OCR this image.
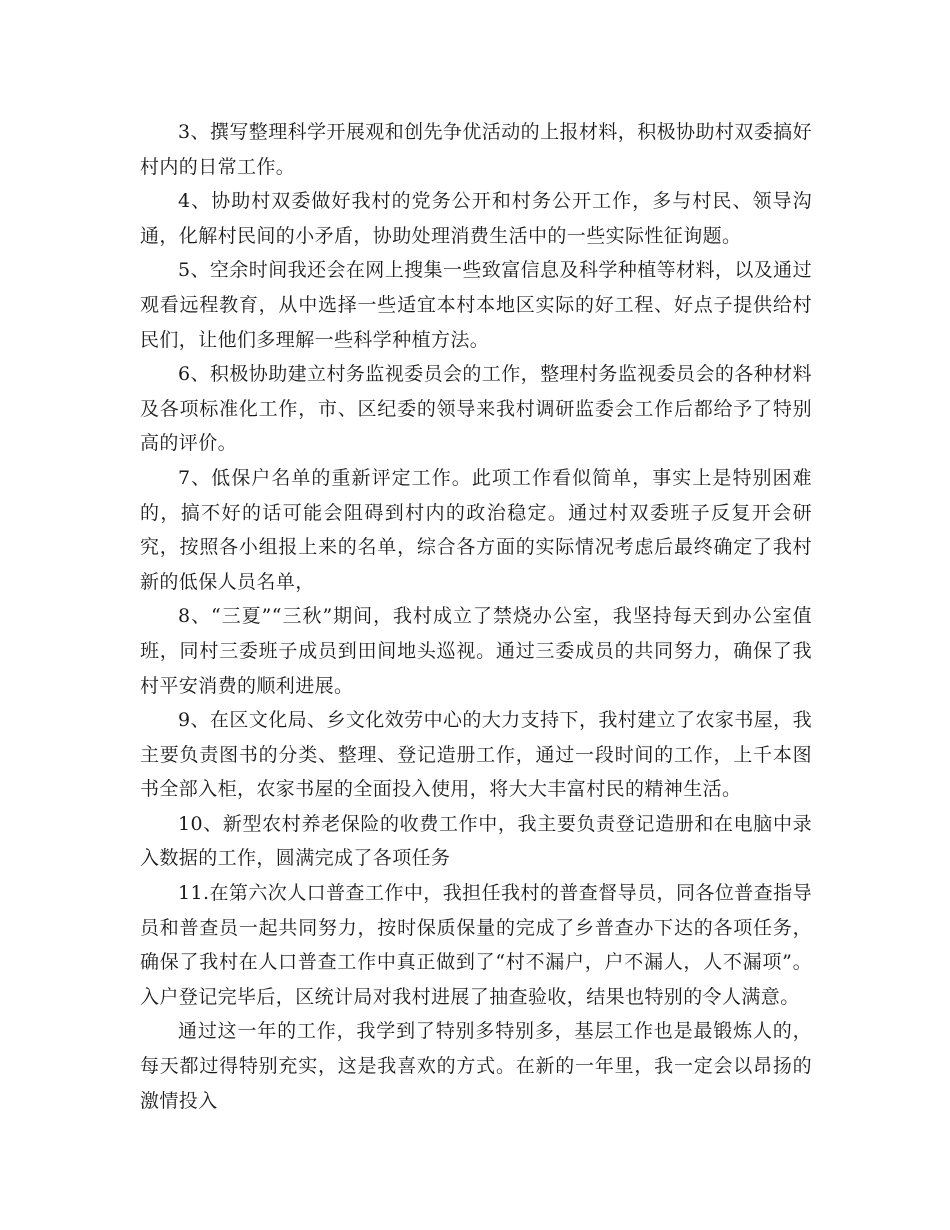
3、撰写整理科学开展观和创先争优活动的上报材料，积极协助村双委搞好村内的日常工作。

4、协助村双委做好我村的党务公开和村务公开工作，多与村民、领导沟通，化解村民间的小矛盾，协助处理消费生活中的一些实际性征询题。

5、空余时间我还会在网上搜集一些致富信息及科学种植等材料，以及通过观看远程教育，从中选择一些适宜本村本地区实际的好工程、好点子提供给村民们，让他们多理解一些科学种植方法。

6、积极协助建立村务监视委员会的工作，整理村务监视委员会的各种材料及各项标准化工作，市、区纪委的领导来我村调研监委会工作后都给予了特别高的评价。

7、低保户名单的重新评定工作。此项工作看似简单，事实上是特别困难的，搞不好的话可能会阻碍到村内的政治稳定。通过村双委班子反复开会研究，按照各小组报上来的名单，综合各方面的实际情况考虑后最终确定了我村新的低保人员名单，

8、“三夏”“三秋”期间，我村成立了禁烧办公室，我坚持每天到办公室值班，同村三委班子成员到田间地头巡视。通过三委成员的共同努力，确保了我村平安消费的顺利进展。

9、在区文化局、乡文化效劳中心的大力支持下，我村建立了农家书屋，我主要负责图书的分类、整理、登记造册工作，通过一段时间的工作，上千本图书全部入柜，农家书屋的全面投入使用，将大大丰富村民的精神生活。

10、新型农村养老保险的收费工作中，我主要负责登记造册和在电脑中录入数据的工作，圆满完成了各项任务

11.在第六次人口普查工作中，我担任我村的普查督导员，同各位普查指导员和普查员一起共同努力，按时保质保量的完成了乡普查办下达的各项任务，确保了我村在人口普查工作中真正做到了“村不漏户，户不漏人，人不漏项”。入户登记完毕后，区统计局对我村进展了抽查验收，结果也特别的令人满意。

通过这一年的工作，我学到了特别多特别多，基层工作也是最锻炼人的，每天都过得特别充实，这是我喜欢的方式。在新的一年里，我一定会以昂扬的激情投入
